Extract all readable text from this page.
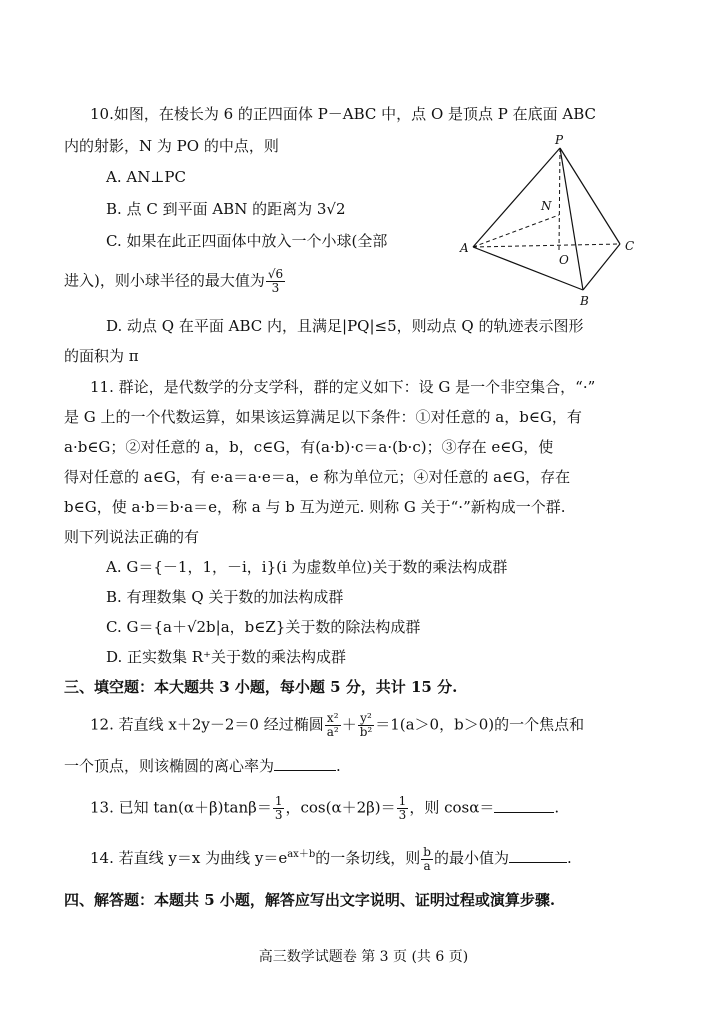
10.如图，在棱长为 6 的正四面体 P－ABC 中，点 O 是顶点 P 在底面 ABC
内的射影，N 为 PO 的中点，则
A. AN⊥PC
B. 点 C 到平面 ABN 的距离为 3√2
C. 如果在此正四面体中放入一个小球(全部
进入)，则小球半径的最大值为 $\frac{√6}{3}$
D. 动点 Q 在平面 ABC 内，且满足|PQ|≤5，则动点 Q 的轨迹表示图形
的面积为 π
P
N
A
O
C
B
11. 群论，是代数学的分支学科，群的定义如下：设 G 是一个非空集合，“·”
是 G 上的一个代数运算，如果该运算满足以下条件：①对任意的 a，b∈G，有
a·b∈G；②对任意的 a，b，c∈G，有(a·b)·c＝a·(b·c)；③存在 e∈G，使
得对任意的 a∈G，有 e·a＝a·e＝a，e 称为单位元；④对任意的 a∈G，存在
b∈G，使 a·b＝b·a＝e，称 a 与 b 互为逆元. 则称 G 关于“·”新构成一个群.
则下列说法正确的有
A. G＝{－1，1，－i，i}(i 为虚数单位)关于数的乘法构成群
B. 有理数集 Q 关于数的加法构成群
C. G＝{a＋√2b|a，b∈Z}关于数的除法构成群
D. 正实数集 R⁺关于数的乘法构成群
三、填空题：本大题共 3 小题，每小题 5 分，共计 15 分.
12. 若直线 x＋2y－2＝0 经过椭圆 $\frac{\text{x²}}{\text{a²}} + \frac{\text{y²}}{\text{b²}} =1(a>0$，b＞0)的一个焦点和
一个顶点，则该椭圆的离心率为	.
13. 已知 $\tan(\alpha+\beta)\tan\beta= \frac{1}{3}$ ，$\cos(\alpha+2\beta)= \frac{1}{3}$ ，则 cosα＝	.
14. 若直线 y＝x 为曲线 $y=e^{ax+b}$的一条切线，则 $\frac{b}{a}$ 的最小值为	.
四、解答题：本题共 5 小题，解答应写出文字说明、证明过程或演算步骤.
高三数学试题卷 第 3 页 (共 6 页)
